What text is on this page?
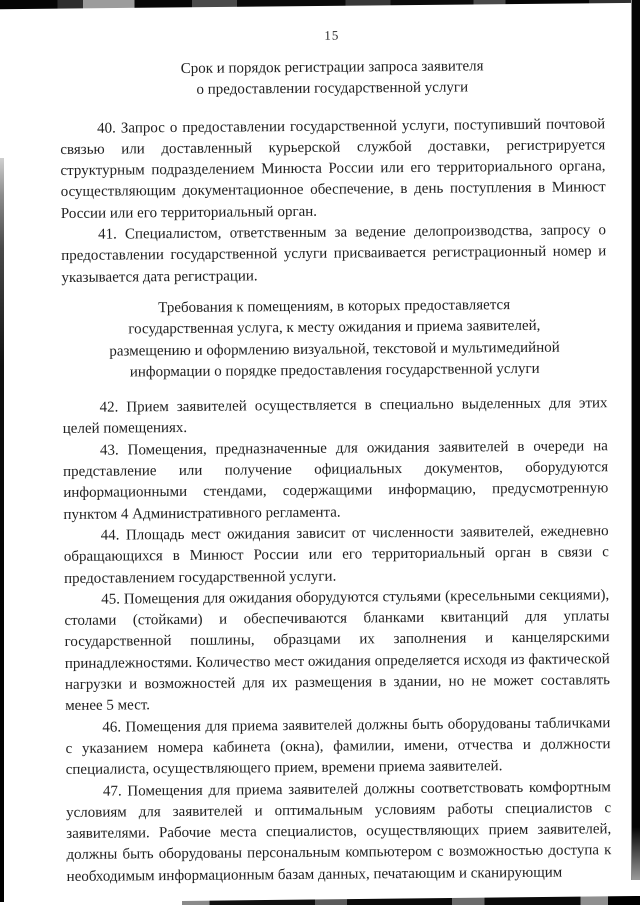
15
Срок и порядок регистрации запроса заявителя
о предоставлении государственной услуги

40. Запрос о предоставлении государственной услуги, поступивший почтовой связью или доставленный курьерской службой доставки, регистрируется структурным подразделением Минюста России или его территориального органа, осуществляющим документационное обеспечение, в день поступления в Минюст России или его территориальный орган.

41. Специалистом, ответственным за ведение делопроизводства, запросу о предоставлении государственной услуги присваивается регистрационный номер и указывается дата регистрации.

Требования к помещениям, в которых предоставляется
государственная услуга, к месту ожидания и приема заявителей,
размещению и оформлению визуальной, текстовой и мультимедийной
информации о порядке предоставления государственной услуги

42. Прием заявителей осуществляется в специально выделенных для этих целей помещениях.

43. Помещения, предназначенные для ожидания заявителей в очереди на представление или получение официальных документов, оборудуются информационными стендами, содержащими информацию, предусмотренную пунктом 4 Административного регламента.

44. Площадь мест ожидания зависит от численности заявителей, ежедневно обращающихся в Минюст России или его территориальный орган в связи с предоставлением государственной услуги.

45. Помещения для ожидания оборудуются стульями (кресельными секциями), столами (стойками) и обеспечиваются бланками квитанций для уплаты государственной пошлины, образцами их заполнения и канцелярскими принадлежностями. Количество мест ожидания определяется исходя из фактической нагрузки и возможностей для их размещения в здании, но не может составлять менее 5 мест.

46. Помещения для приема заявителей должны быть оборудованы табличками с указанием номера кабинета (окна), фамилии, имени, отчества и должности специалиста, осуществляющего прием, времени приема заявителей.

47. Помещения для приема заявителей должны соответствовать комфортным условиям для заявителей и оптимальным условиям работы специалистов с заявителями. Рабочие места специалистов, осуществляющих прием заявителей, должны быть оборудованы персональным компьютером с возможностью доступа к необходимым информационным базам данных, печатающим и сканирующим
